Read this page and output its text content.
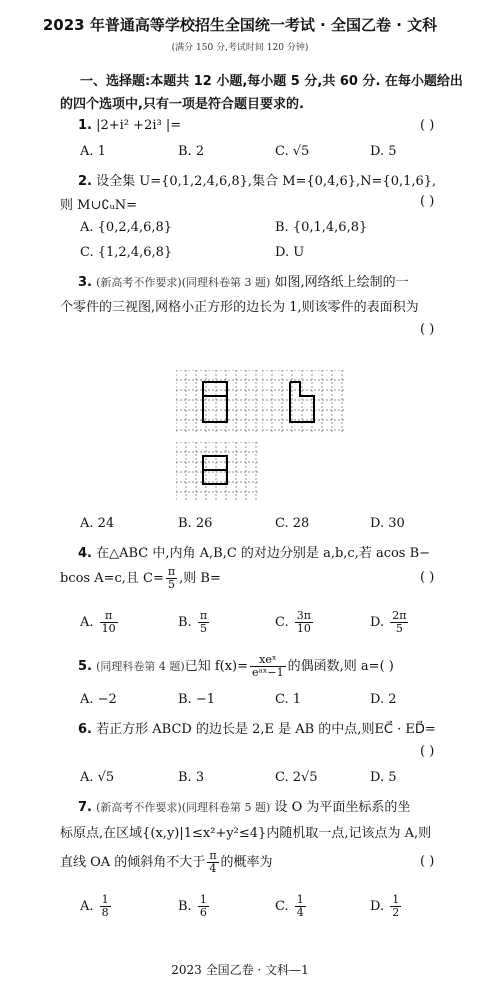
2023 年普通高等学校招生全国统一考试 · 全国乙卷 · 文科
(满分 150 分,考试时间 120 分钟)
一、选择题:本题共 12 小题,每小题 5 分,共 60 分. 在每小题给出
的四个选项中,只有一项是符合题目要求的.
1. |2+i² +2i³ |=	( )
A. 1	B. 2	C. √5	D. 5
2. 设全集 U={0,1,2,4,6,8},集合 M={0,4,6},N={0,1,6},
则 M∪∁ᵤN=	( )
A. {0,2,4,6,8}	B. {0,1,4,6,8}
C. {1,2,4,6,8}	D. U
3. (新高考不作要求)(同理科卷第 3 题) 如图,网络纸上绘制的一
个零件的三视图,网格小正方形的边长为 1,则该零件的表面积为
( )
A. 24	B. 26	C. 28	D. 30
4. 在△ABC 中,内角 A,B,C 的对边分别是 a,b,c,若 acos B−
bcos A=c,且 $C= \frac{\pi}{5}$ ,则 B=	( )
A. $\frac{\pi}{10}$	B. $\frac{\pi}{5}$	C. $\frac{3\pi}{10}$	D. $\frac{2\pi}{5}$
5. (同理科卷第 4 题)已知 $f(x)= \frac{\text{xeˣ}}{\text{eᵃˣ−1}}$ 的偶函数,则 a=( )
A. −2	B. −1	C. 1	D. 2
6. 若正方形 ABCD 的边长是 2,E 是 AB 的中点,则EC⃗ · ED⃗=
( )
A. √5	B. 3	C. 2√5	D. 5
7. (新高考不作要求)(同理科卷第 5 题) 设 O 为平面坐标系的坐
标原点,在区域{(x,y)|1≤x²+y²≤4}内随机取一点,记该点为 A,则
直线 OA 的倾斜角不大于 $\frac{\pi}{4}$ 的概率为	( )
A. $\frac{1}{8}$	B. $\frac{1}{6}$	C. $\frac{1}{4}$	D. $\frac{1}{2}$
2023 全国乙卷 · 文科—1
